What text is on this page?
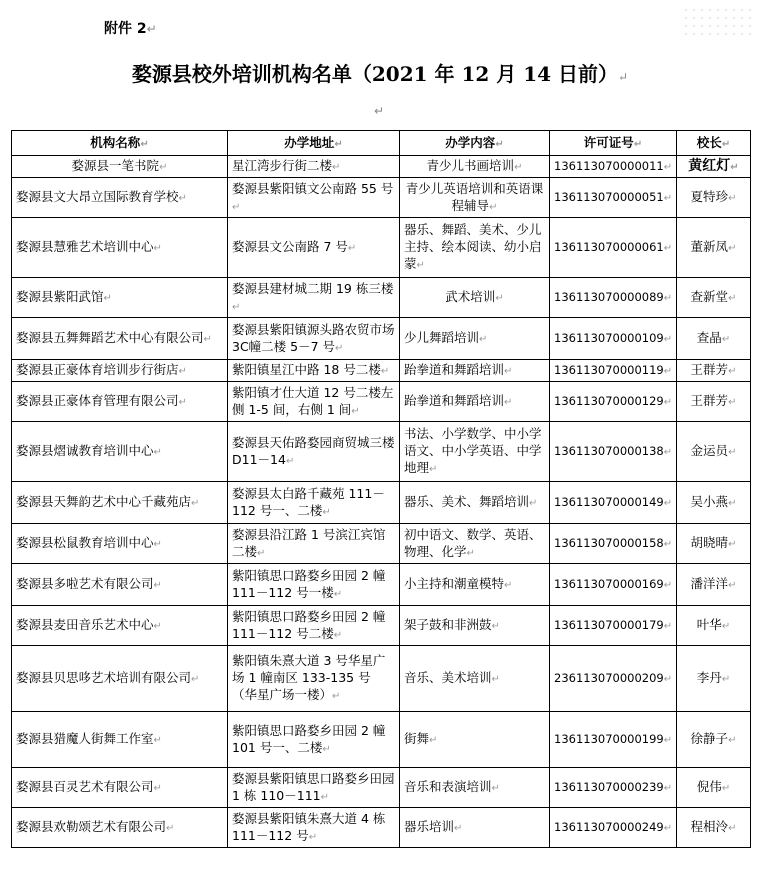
附件 2↵
婺源县校外培训机构名单（2021 年 12 月 14 日前）↵
↵
机构名称 ↵	办学地址 ↵	办学内容 ↵	许可证号 ↵	校长 ↵
婺源县一笔书院 ↵	星江湾步行街二楼 ↵	青少儿书画培训 ↵	136113070000011 ↵	黄红灯 ↵
婺源县文大昂立国际教育学校 ↵	婺源县紫阳镇文公南路 55 号 ↵	青少儿英语培训和英语课程辅导 ↵	136113070000051 ↵	夏特珍 ↵
婺源县慧雅艺术培训中心 ↵	婺源县文公南路 7 号 ↵	器乐、舞蹈、美术、少儿主持、绘本阅读、幼小启蒙 ↵	136113070000061 ↵	董新凤 ↵
婺源县紫阳武馆 ↵	婺源县建材城二期 19 栋三楼 ↵	武术培训 ↵	136113070000089 ↵	查新堂 ↵
婺源县五舞舞蹈艺术中心有限公司 ↵	婺源县紫阳镇源头路农贸市场 3C幢二楼 5－7 号 ↵	少儿舞蹈培训 ↵	136113070000109 ↵	查晶 ↵
婺源县正豪体育培训步行街店 ↵	紫阳镇星江中路 18 号二楼 ↵	跆拳道和舞蹈培训 ↵	136113070000119 ↵	王群芳 ↵
婺源县正豪体育管理有限公司 ↵	紫阳镇才仕大道 12 号二楼左侧 1-5 间，右侧 1 间 ↵	跆拳道和舞蹈培训 ↵	136113070000129 ↵	王群芳 ↵
婺源县熠诚教育培训中心 ↵	婺源县天佑路婺园商贸城三楼 D11－14 ↵	书法、小学数学、中小学语文、中小学英语、中学地理 ↵	136113070000138 ↵	金运员 ↵
婺源县天舞韵艺术中心千藏苑店 ↵	婺源县太白路千藏苑 111－112 号一、二楼 ↵	器乐、美术、舞蹈培训 ↵	136113070000149 ↵	吴小燕 ↵
婺源县松鼠教育培训中心 ↵	婺源县沿江路 1 号滨江宾馆二楼 ↵	初中语文、数学、英语、物理、化学 ↵	136113070000158 ↵	胡晓晴 ↵
婺源县多啦艺术有限公司 ↵	紫阳镇思口路婺乡田园 2 幢 111－112 号一楼 ↵	小主持和潮童模特 ↵	136113070000169 ↵	潘洋洋 ↵
婺源县麦田音乐艺术中心 ↵	紫阳镇思口路婺乡田园 2 幢 111－112 号二楼 ↵	架子鼓和非洲鼓 ↵	136113070000179 ↵	叶华 ↵
婺源县贝思哆艺术培训有限公司 ↵	紫阳镇朱熹大道 3 号华星广场 1 幢南区 133-135 号（华星广场一楼） ↵	音乐、美术培训 ↵	236113070000209 ↵	李丹 ↵
婺源县猎魔人街舞工作室 ↵	紫阳镇思口路婺乡田园 2 幢 101 号一、二楼 ↵	街舞 ↵	136113070000199 ↵	徐静子 ↵
婺源县百灵艺术有限公司 ↵	婺源县紫阳镇思口路婺乡田园 1 栋 110－111 ↵	音乐和表演培训 ↵	136113070000239 ↵	倪伟 ↵
婺源县欢勒颂艺术有限公司 ↵	婺源县紫阳镇朱熹大道 4 栋 111－112 号 ↵	器乐培训 ↵	136113070000249 ↵	程相泠 ↵
